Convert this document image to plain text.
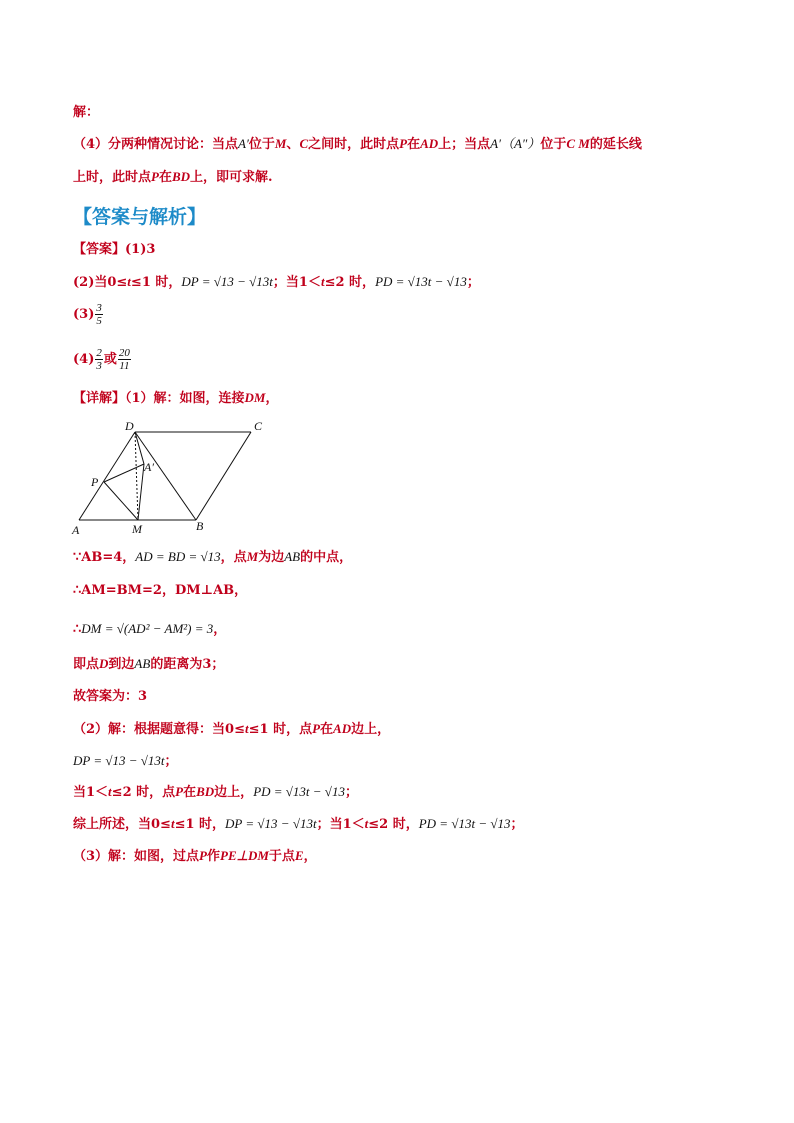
解：
（4）分两种情况讨论：当点A′位于M、C之间时，此时点P在AD上；当点A′（A″）位于C M的延长线
上时，此时点P在BD上，即可求解.
【答案与解析】
【答案】(1)3
(2)当0≤t≤1 时，DP = √13 − √13t；当1＜t≤2 时，PD = √13t − √13；
$(3) \frac{3}{5}$
$(4) \frac{2}{3}$ 或 $\frac{20}{11}$
【详解】（1）解：如图，连接DM，
D	C
A′
P
A	M	B
∵AB=4，AD = BD = √13，点M为边AB的中点，
∴AM=BM=2，DM⊥AB，
∴DM = √(AD² − AM²) = 3，
即点D到边AB的距离为3；
故答案为：3
（2）解：根据题意得：当0≤t≤1 时，点P在AD边上，
DP = √13 − √13t；
当1＜t≤2 时，点P在BD边上，PD = √13t − √13；
综上所述，当0≤t≤1 时，DP = √13 − √13t；当1＜t≤2 时，PD = √13t − √13；
（3）解：如图，过点P作PE⊥DM于点E，
